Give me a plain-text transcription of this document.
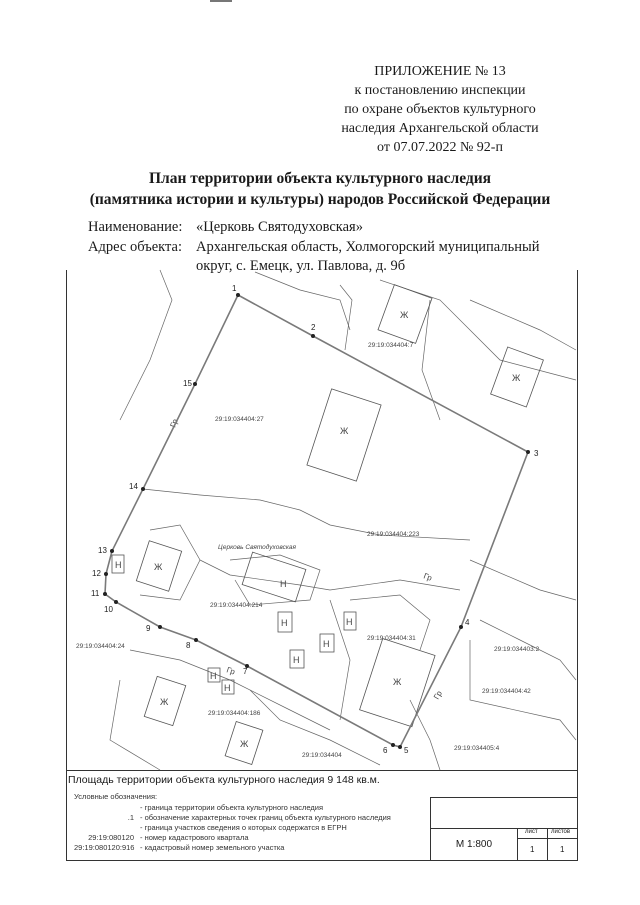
ПРИЛОЖЕНИЕ № 13
к постановлению инспекции
по охране объектов культурного
наследия Архангельской области
от 07.07.2022 № 92-п
План территории объекта культурного наследия
(памятника истории и культуры) народов Российской Федерации
Наименование: «Церковь Святодуховская»
Адрес объекта: Архангельская область, Холмогорский муниципальный
округ, с. Емецк, ул. Павлова, д. 9б
Ж
Ж
Ж
Ж
Ж
Ж
Ж
Н
Н
Н
Н
Н
Н
Н
Н
Гр
Гр
Гр
Гр
Церковь Святодуховская
29:19:034404:7
29:19:034404:27
29:19:034404:223
29:19:034404:214
29:19:034404:31
29:19:034404:24	29:19:034403:2
29:19:034404:42
29:19:034404:186
29:19:034404
29:19:034405:4
1
2
3
4
5
6
7
8
9
10
11
12
13
14
15
Площадь территории объекта культурного наследия 9 148 кв.м.
Условные обозначения:
- граница территории объекта культурного наследия
.1 - обозначение характерных точек границ объекта культурного наследия
- граница участков сведения о которых содержатся в ЕГРН
29:19:080120 - номер кадастрового квартала
29:19:080120:916 - кадастровый номер земельного участка	М 1:800
лист листов
1	1
